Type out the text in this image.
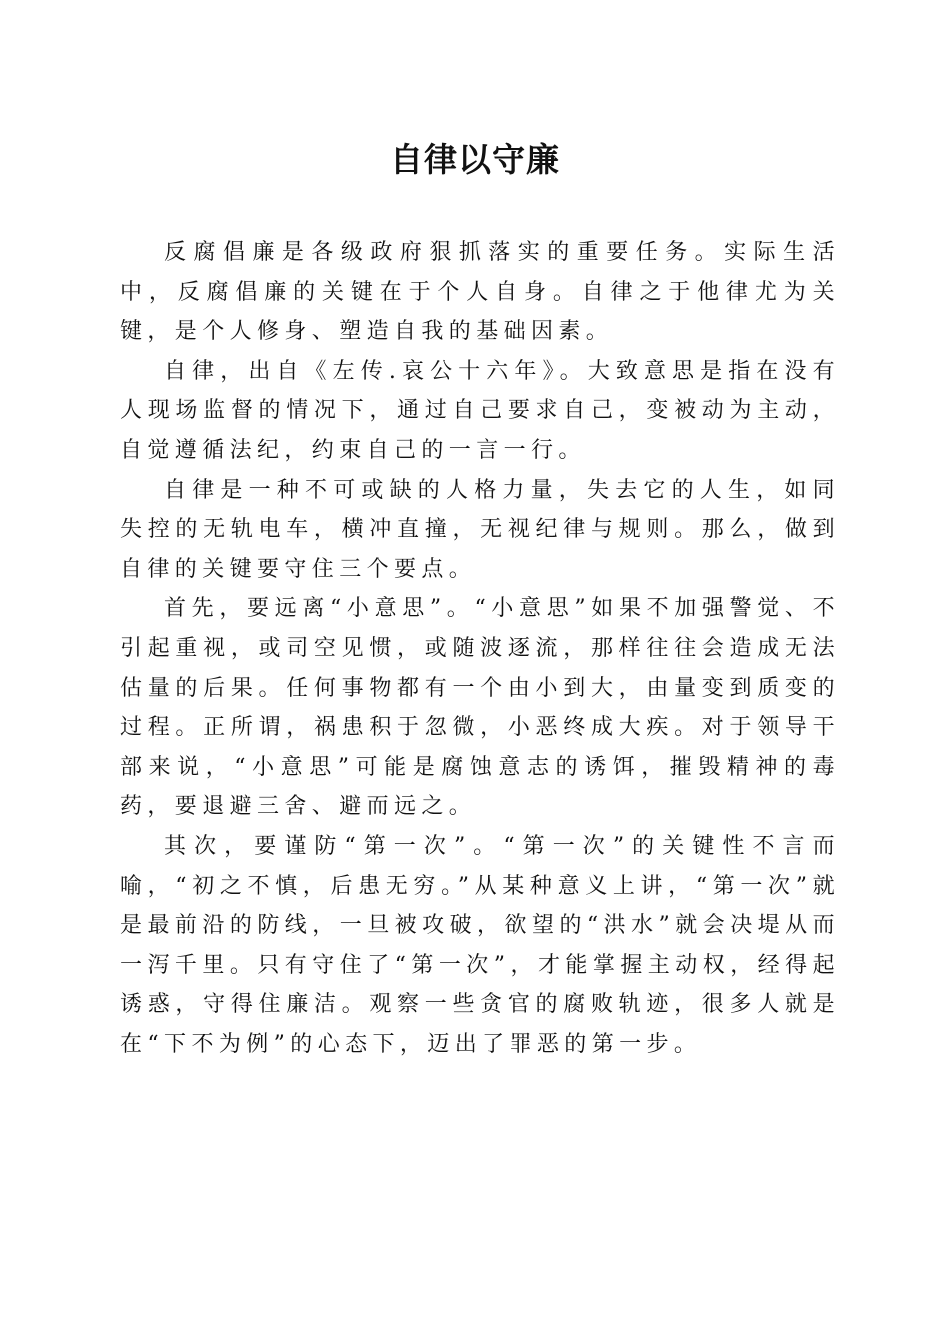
自律以守廉

反腐倡廉是各级政府狠抓落实的重要任务。实际生活中，反腐倡廉的关键在于个人自身。自律之于他律尤为关键，是个人修身、塑造自我的基础因素。

自律，出自《左传.哀公十六年》。大致意思是指在没有人现场监督的情况下，通过自己要求自己，变被动为主动，自觉遵循法纪，约束自己的一言一行。

自律是一种不可或缺的人格力量，失去它的人生，如同失控的无轨电车，横冲直撞，无视纪律与规则。那么，做到自律的关键要守住三个要点。

首先，要远离“小意思”。“小意思”如果不加强警觉、不引起重视，或司空见惯，或随波逐流，那样往往会造成无法估量的后果。任何事物都有一个由小到大，由量变到质变的过程。正所谓，祸患积于忽微，小恶终成大疾。对于领导干部来说，“小意思”可能是腐蚀意志的诱饵，摧毁精神的毒药，要退避三舍、避而远之。

其次，要谨防“第一次”。“第一次”的关键性不言而喻，“初之不慎，后患无穷。”从某种意义上讲，“第一次”就是最前沿的防线，一旦被攻破，欲望的“洪水”就会决堤从而一泻千里。只有守住了“第一次”，才能掌握主动权，经得起诱惑，守得住廉洁。观察一些贪官的腐败轨迹，很多人就是在“下不为例”的心态下，迈出了罪恶的第一步。
